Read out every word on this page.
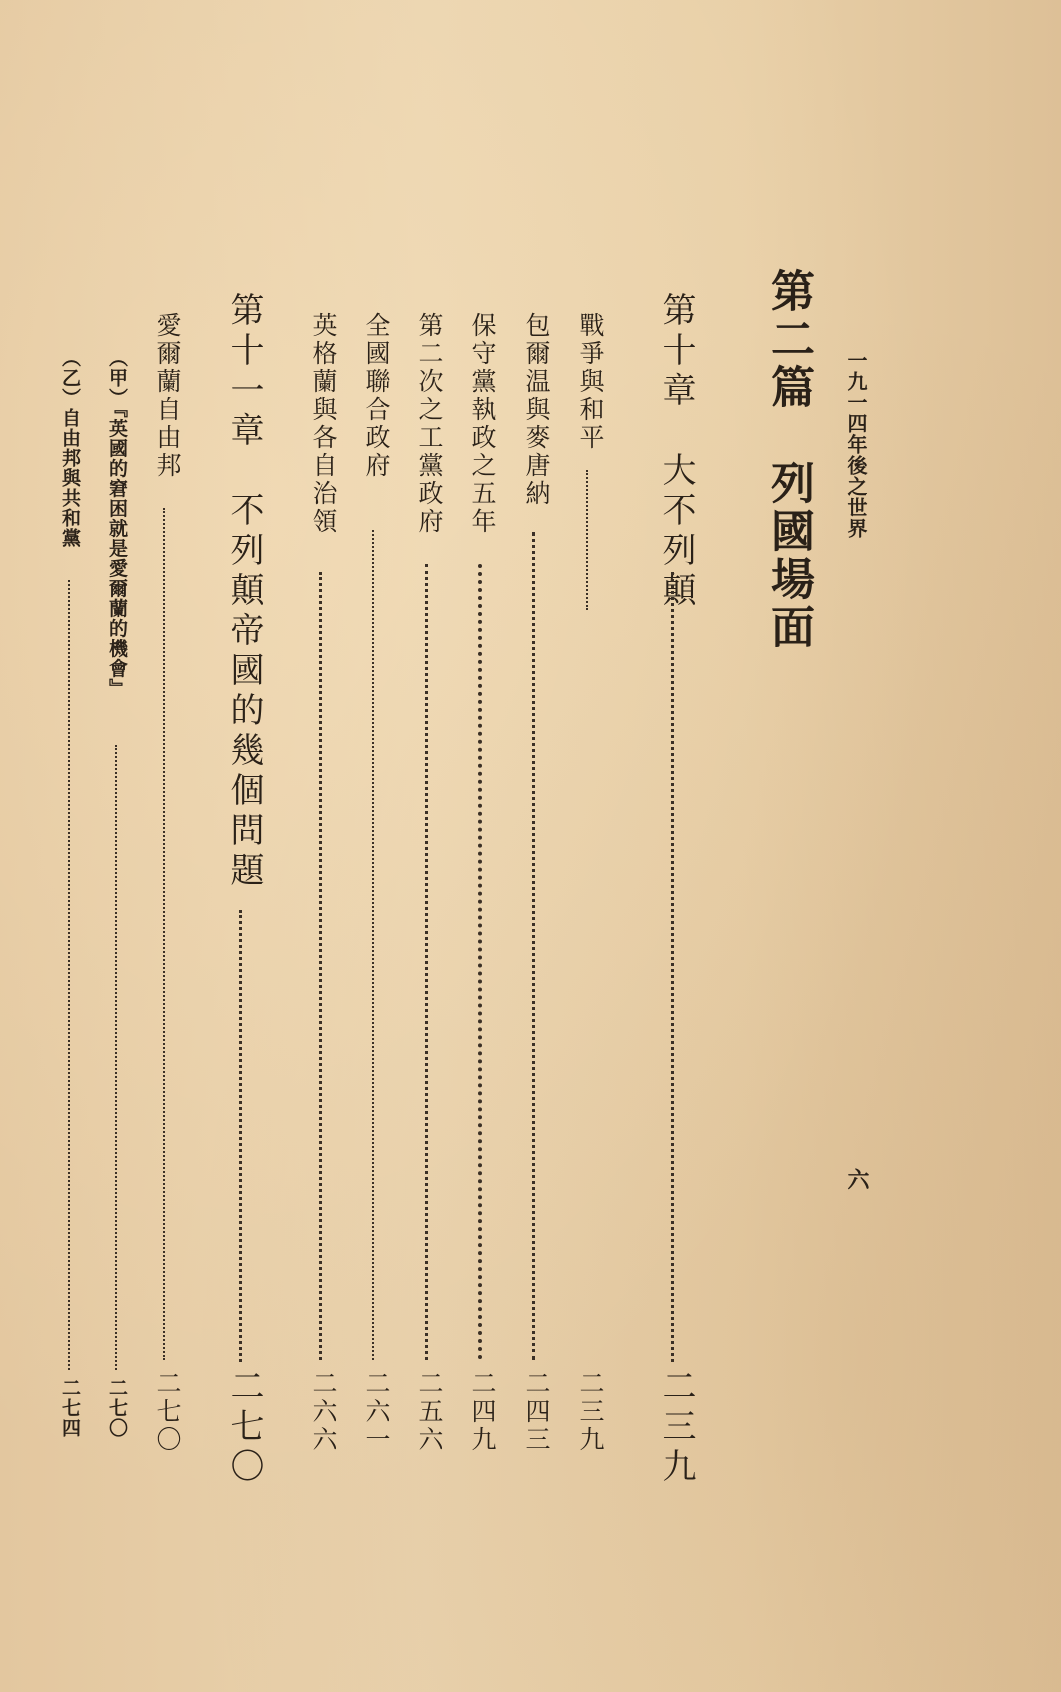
一九一四年後之世界
六
第二篇　列國場面
第十章　大不列顛
二三九
戰爭與和平
二三九
包爾温與麥唐納
二四三
保守黨執政之五年
二四九
第二次之工黨政府
二五六
全國聯合政府
二六一
英格蘭與各自治領
二六六
第十一章　不列顛帝國的幾個問題
二七〇
愛爾蘭自由邦
二七〇
（甲）『英國的窘困就是愛爾蘭的機會』
二七〇
（乙）自由邦與共和黨
二七四
